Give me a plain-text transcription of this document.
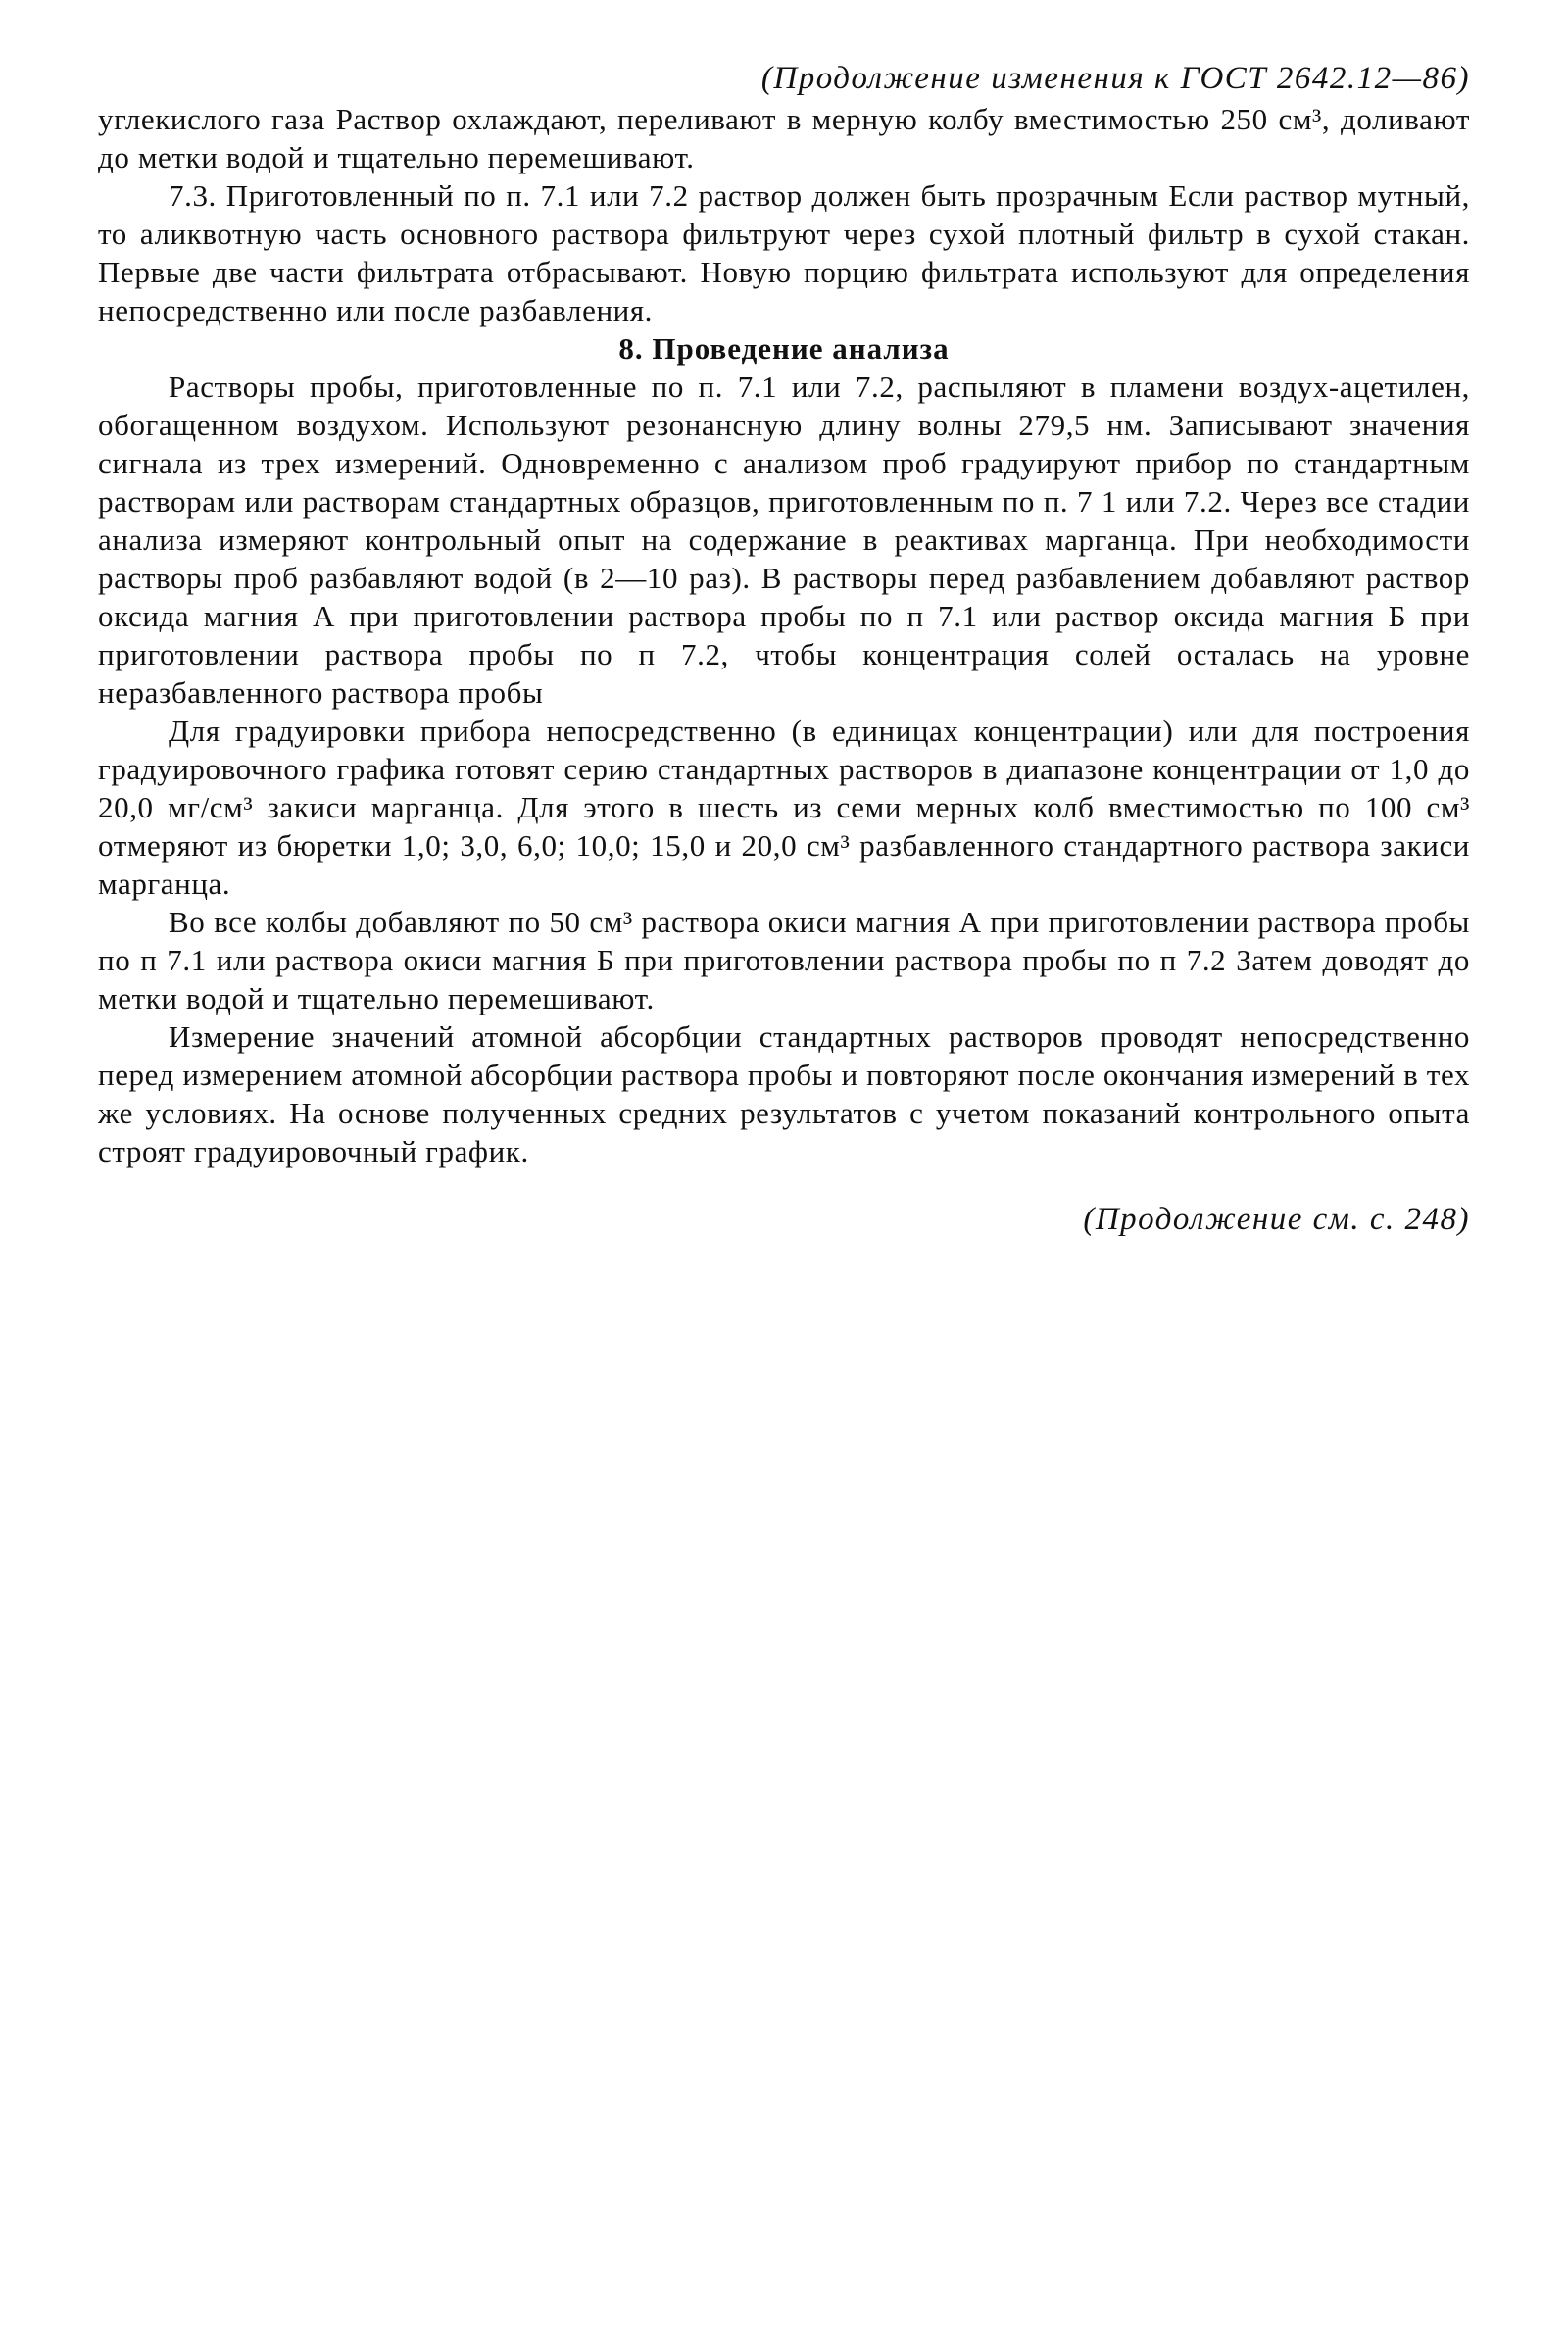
(Продолжение изменения к ГОСТ 2642.12—86)

углекислого газа Раствор охлаждают, переливают в мерную колбу вместимостью 250 см³, доливают до метки водой и тщательно перемешивают.

7.3. Приготовленный по п. 7.1 или 7.2 раствор должен быть прозрачным Если раствор мутный, то аликвотную часть основного раствора фильтруют через сухой плотный фильтр в сухой стакан. Первые две части фильтрата отбрасывают. Новую порцию фильтрата используют для определения непосредственно или после разбавления.

8. Проведение анализа

Растворы пробы, приготовленные по п. 7.1 или 7.2, распыляют в пламени воздух-ацетилен, обогащенном воздухом. Используют резонансную длину волны 279,5 нм. Записывают значения сигнала из трех измерений. Одновременно с анализом проб градуируют прибор по стандартным растворам или растворам стандартных образцов, приготовленным по п. 7 1 или 7.2. Через все стадии анализа измеряют контрольный опыт на содержание в реактивах марганца. При необходимости растворы проб разбавляют водой (в 2—10 раз). В растворы перед разбавлением добавляют раствор оксида магния А при приготовлении раствора пробы по п 7.1 или раствор оксида магния Б при приготовлении раствора пробы по п 7.2, чтобы концентрация солей осталась на уровне неразбавленного раствора пробы

Для градуировки прибора непосредственно (в единицах концентрации) или для построения градуировочного графика готовят серию стандартных растворов в диапазоне концентрации от 1,0 до 20,0 мг/см³ закиси марганца. Для этого в шесть из семи мерных колб вместимостью по 100 см³ отмеряют из бюретки 1,0; 3,0, 6,0; 10,0; 15,0 и 20,0 см³ разбавленного стандартного раствора закиси марганца.

Во все колбы добавляют по 50 см³ раствора окиси магния А при приготовлении раствора пробы по п 7.1 или раствора окиси магния Б при приготовлении раствора пробы по п 7.2 Затем доводят до метки водой и тщательно перемешивают.

Измерение значений атомной абсорбции стандартных растворов проводят непосредственно перед измерением атомной абсорбции раствора пробы и повторяют после окончания измерений в тех же условиях. На основе полученных средних результатов с учетом показаний контрольного опыта строят градуировочный график.

(Продолжение см. с. 248)
